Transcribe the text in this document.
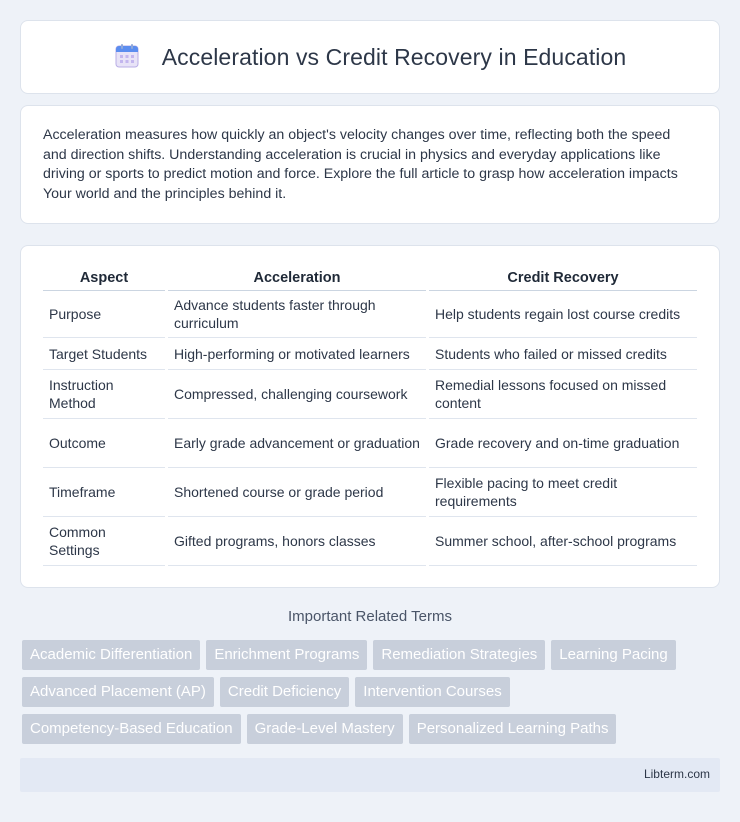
Acceleration vs Credit Recovery in Education

Acceleration measures how quickly an object's velocity changes over time, reflecting both the speed and direction shifts. Understanding acceleration is crucial in physics and everyday applications like driving or sports to predict motion and force. Explore the full article to grasp how acceleration impacts Your world and the principles behind it.

Aspect	Acceleration	Credit Recovery
Purpose	Advance students faster through curriculum	Help students regain lost course credits
Target Students	High-performing or motivated learners	Students who failed or missed credits
Instruction Method	Compressed, challenging coursework	Remedial lessons focused on missed content
Outcome	Early grade advancement or graduation	Grade recovery and on-time graduation
Timeframe	Shortened course or grade period	Flexible pacing to meet credit requirements
Common Settings	Gifted programs, honors classes	Summer school, after-school programs
Important Related Terms
Academic Differentiation	Enrichment Programs	Remediation Strategies	Learning Pacing
Advanced Placement (AP)	Credit Deficiency	Intervention Courses
Competency-Based Education	Grade-Level Mastery	Personalized Learning Paths
Libterm.com
